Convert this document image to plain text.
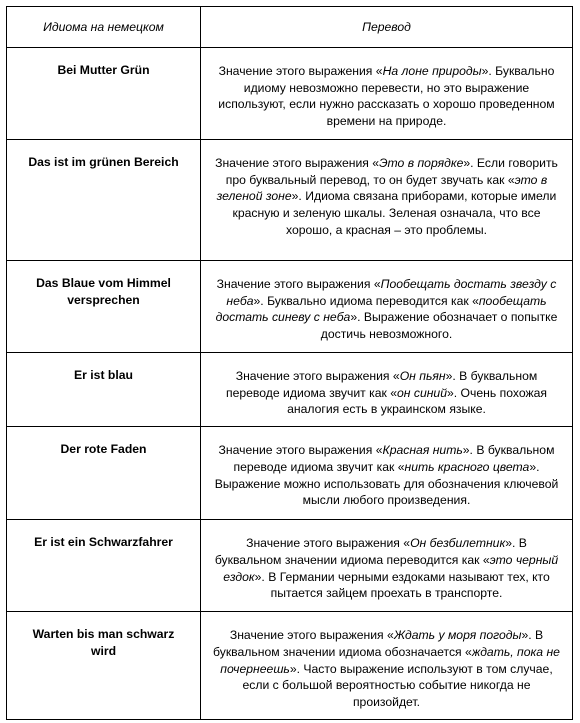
Идиома на немецком	Перевод
Bei Mutter Grün	Значение этого выражения «На лоне природы». Буквально идиому невозможно перевести, но это выражение используют, если нужно рассказать о хорошо проведенном времени на природе.
Das ist im grünen Bereich	Значение этого выражения «Это в порядке». Если говорить про буквальный перевод, то он будет звучать как «это в зеленой зоне». Идиома связана приборами, которые имели красную и зеленую шкалы. Зеленая означала, что все хорошо, а красная – это проблемы.
Das Blaue vom Himmel versprechen	Значение этого выражения «Пообещать достать звезду с неба». Буквально идиома переводится как «пообещать достать синеву с неба». Выражение обозначает о попытке достичь невозможного.
Er ist blau	Значение этого выражения «Он пьян». В буквальном переводе идиома звучит как «он синий». Очень похожая аналогия есть в украинском языке.
Der rote Faden	Значение этого выражения «Красная нить». В буквальном переводе идиома звучит как «нить красного цвета». Выражение можно использовать для обозначения ключевой мысли любого произведения.
Er ist ein Schwarzfahrer	Значение этого выражения «Он безбилетник». В буквальном значении идиома переводится как «это черный ездок». В Германии черными ездоками называют тех, кто пытается зайцем проехать в транспорте.
Warten bis man schwarz wird	Значение этого выражения «Ждать у моря погоды». В буквальном значении идиома обозначается «ждать, пока не почернеешь». Часто выражение используют в том случае, если с большой вероятностью событие никогда не произойдет.
